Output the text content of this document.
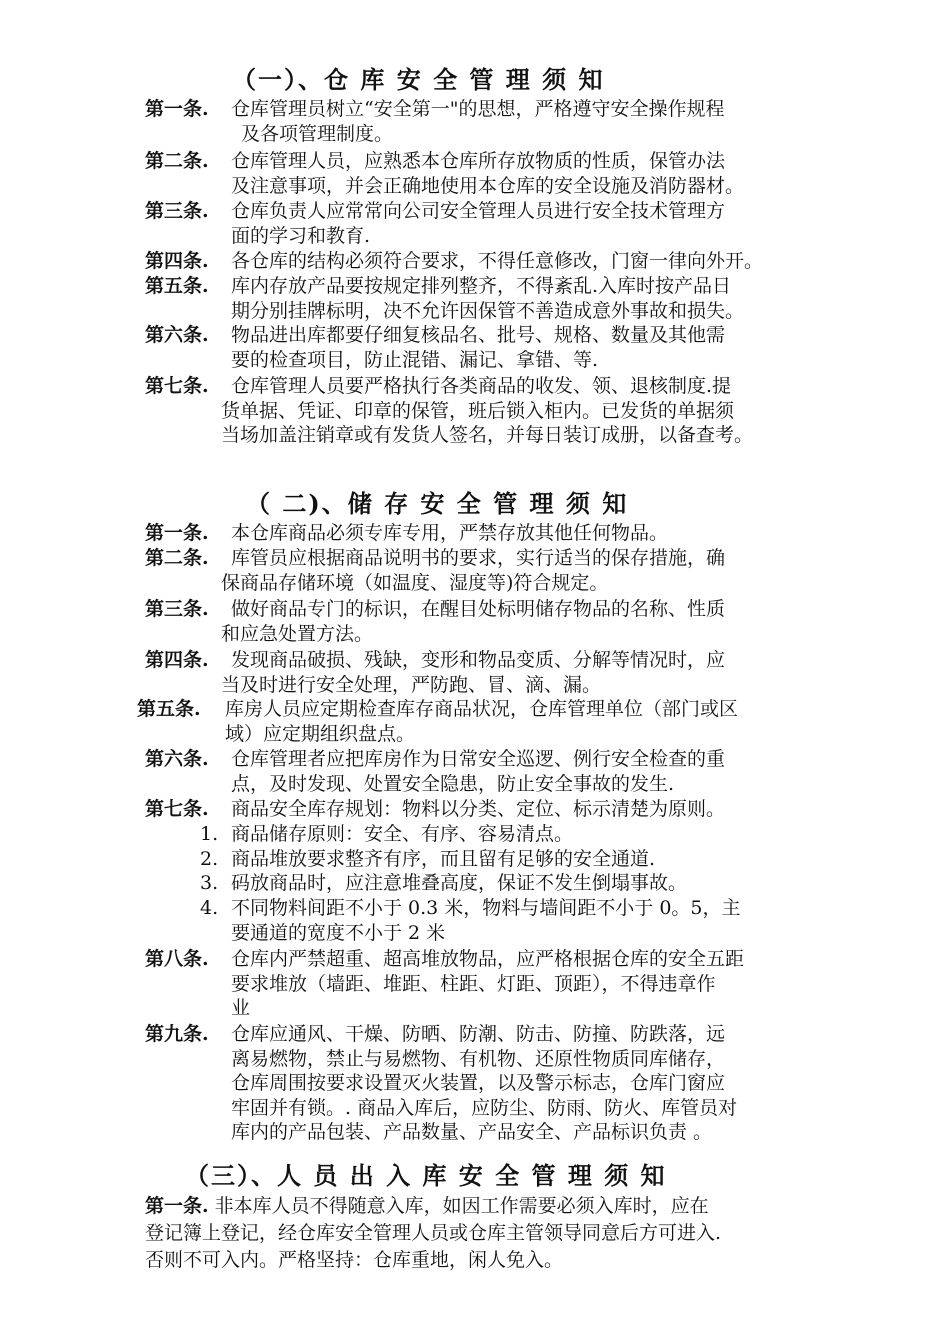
（一）、仓 库 安 全 管 理 须 知
第一条. 仓库管理员树立“安全第一"的思想，严格遵守安全操作规程
及各项管理制度。
第二条. 仓库管理人员，应熟悉本仓库所存放物质的性质，保管办法
及注意事项，并会正确地使用本仓库的安全设施及消防器材。
第三条. 仓库负责人应常常向公司安全管理人员进行安全技术管理方
面的学习和教育.
第四条. 各仓库的结构必须符合要求，不得任意修改，门窗一律向外开。
第五条. 库内存放产品要按规定排列整齐，不得紊乱.入库时按产品日
期分别挂牌标明，决不允许因保管不善造成意外事故和损失。
第六条. 物品进出库都要仔细复核品名、批号、规格、数量及其他需
要的检查项目，防止混错、漏记、拿错、等.
第七条. 仓库管理人员要严格执行各类商品的收发、领、退核制度.提
货单据、凭证、印章的保管，班后锁入柜内。已发货的单据须
当场加盖注销章或有发货人签名，并每日装订成册，以备查考。
（ 二)、储 存 安 全 管 理 须 知
第一条. 本仓库商品必须专库专用，严禁存放其他任何物品。
第二条. 库管员应根据商品说明书的要求，实行适当的保存措施，确
保商品存储环境（如温度、湿度等)符合规定。
第三条. 做好商品专门的标识，在醒目处标明储存物品的名称、性质
和应急处置方法。
第四条. 发现商品破损、残缺，变形和物品变质、分解等情况时，应
当及时进行安全处理，严防跑、冒、滴、漏。
第五条. 库房人员应定期检查库存商品状况，仓库管理单位（部门或区
域）应定期组织盘点。
第六条. 仓库管理者应把库房作为日常安全巡逻、例行安全检查的重
点，及时发现、处置安全隐患，防止安全事故的发生.
第七条. 商品安全库存规划：物料以分类、定位、标示清楚为原则。
1. 商品储存原则：安全、有序、容易清点。
2. 商品堆放要求整齐有序，而且留有足够的安全通道.
3. 码放商品时，应注意堆叠高度，保证不发生倒塌事故。
4. 不同物料间距不小于 0.3 米，物料与墙间距不小于 0。5，主
要通道的宽度不小于 2 米
第八条. 仓库内严禁超重、超高堆放物品，应严格根据仓库的安全五距
要求堆放（墙距、堆距、柱距、灯距、顶距），不得违章作
业
第九条. 仓库应通风、干燥、防晒、防潮、防击、防撞、防跌落，远
离易燃物，禁止与易燃物、有机物、还原性物质同库储存，
仓库周围按要求设置灭火装置，以及警示标志，仓库门窗应
牢固并有锁。. 商品入库后，应防尘、防雨、防火、库管员对
库内的产品包装、产品数量、产品安全、产品标识负责 。
（三）、人 员 出 入 库 安 全 管 理 须 知
第一条. 非本库人员不得随意入库，如因工作需要必须入库时，应在
登记簿上登记，经仓库安全管理人员或仓库主管领导同意后方可进入.
否则不可入内。严格坚持：仓库重地，闲人免入。
